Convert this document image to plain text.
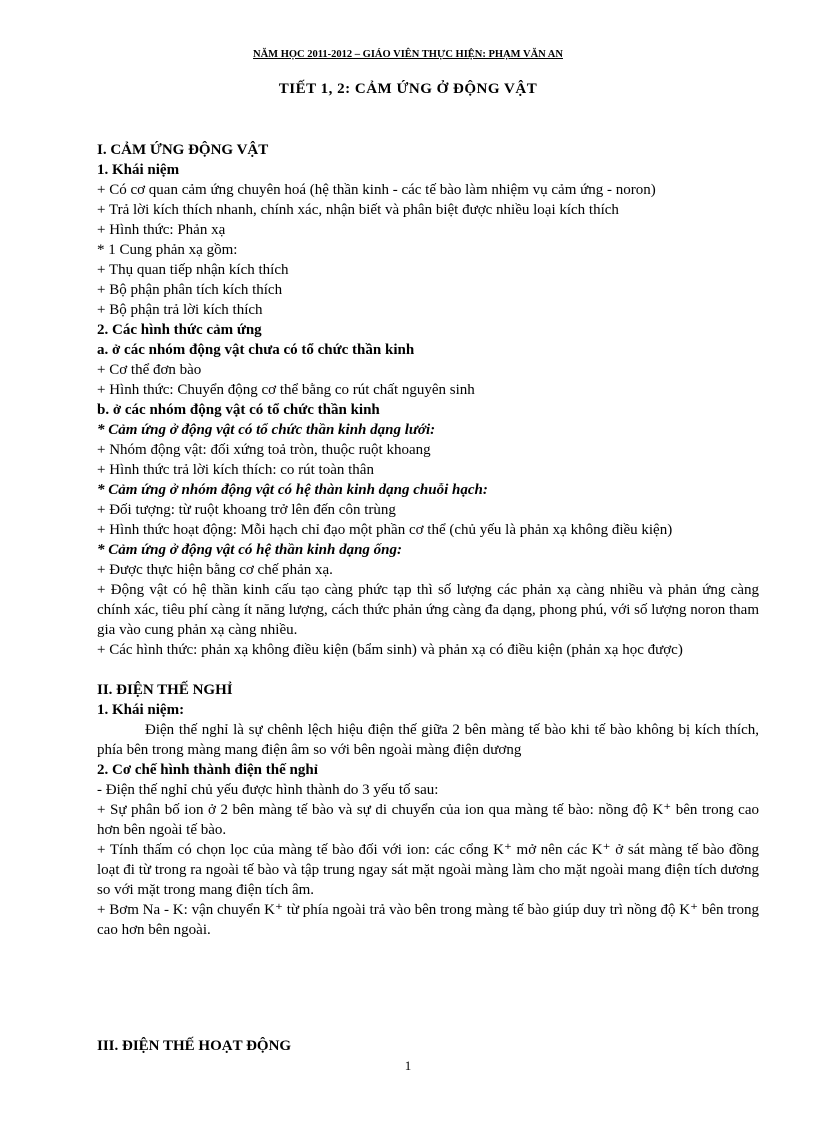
NĂM HỌC 2011-2012 – GIÁO VIÊN THỰC HIỆN: PHẠM VĂN AN
TIẾT 1, 2: CẢM ỨNG Ở ĐỘNG VẬT
I. CẢM ỨNG ĐỘNG VẬT
1. Khái niệm
+ Có cơ quan cảm ứng chuyên hoá (hệ thần kinh - các tế bào làm nhiệm vụ cảm ứng - noron)
+ Trả lời kích thích nhanh, chính xác, nhận biết và phân biệt được nhiều loại kích thích
+ Hình thức: Phản xạ
* 1 Cung phản xạ gồm:
+ Thụ quan tiếp nhận kích thích
+ Bộ phận phân tích kích thích
+ Bộ phận trả lời kích thích
2. Các hình thức cảm ứng
a. ở các nhóm động vật chưa có tổ chức thần kinh
+ Cơ thể đơn bào
+ Hình thức: Chuyển động cơ thể bằng co rút chất nguyên sinh
b. ở các nhóm động vật có tổ chức thần kinh
* Cảm ứng ở động vật có tổ chức thần kinh dạng lưới:
+ Nhóm động vật: đối xứng toả tròn, thuộc ruột khoang
+ Hình thức trả lời kích thích: co rút toàn thân
* Cảm ứng ở nhóm động vật có hệ thàn kinh dạng chuỗi hạch:
+ Đối tượng: từ ruột khoang trở lên đến côn trùng
+ Hình thức hoạt động: Mỗi hạch chỉ đạo một phần cơ thể (chủ yếu là phản xạ không điều kiện)
* Cảm ứng ở động vật có hệ thần kinh dạng ống:
+ Được thực hiện bằng cơ chế phản xạ.
+ Động vật có hệ thần kinh cấu tạo càng phức tạp thì số lượng các phản xạ càng nhiều và phản ứng càng chính xác, tiêu phí càng ít năng lượng, cách thức phản ứng càng đa dạng, phong phú, với số lượng noron tham gia vào cung phản xạ càng nhiều.
+ Các hình thức: phản xạ không điều kiện (bẩm sinh) và phản xạ có điều kiện (phản xạ học được)
II. ĐIỆN THẾ NGHỈ
1. Khái niệm:
Điện thế nghỉ là sự chênh lệch hiệu điện thế giữa 2 bên màng tế bào khi tế bào không bị kích thích, phía bên trong màng mang điện âm so với bên ngoài màng điện dương
2. Cơ chế hình thành điện thế nghỉ
- Điện thế nghỉ chủ yếu được hình thành do 3 yếu tố sau:
+ Sự phân bố ion ở 2 bên màng tế bào và sự di chuyển của ion qua màng tế bào: nồng độ K⁺ bên trong cao hơn bên ngoài tế bào.
+ Tính thấm có chọn lọc của màng tế bào đối với ion: các cổng K⁺ mở nên các K⁺ ở sát màng tế bào đồng loạt đi từ trong ra ngoài tế bào và tập trung ngay sát mặt ngoài màng làm cho mặt ngoài mang điện tích dương so với mặt trong mang điện tích âm.
+ Bơm Na - K: vận chuyển K⁺ từ phía ngoài trả vào bên trong màng tế bào giúp duy trì nồng độ K⁺ bên trong cao hơn bên ngoài.
III. ĐIỆN THẾ HOẠT ĐỘNG
1
